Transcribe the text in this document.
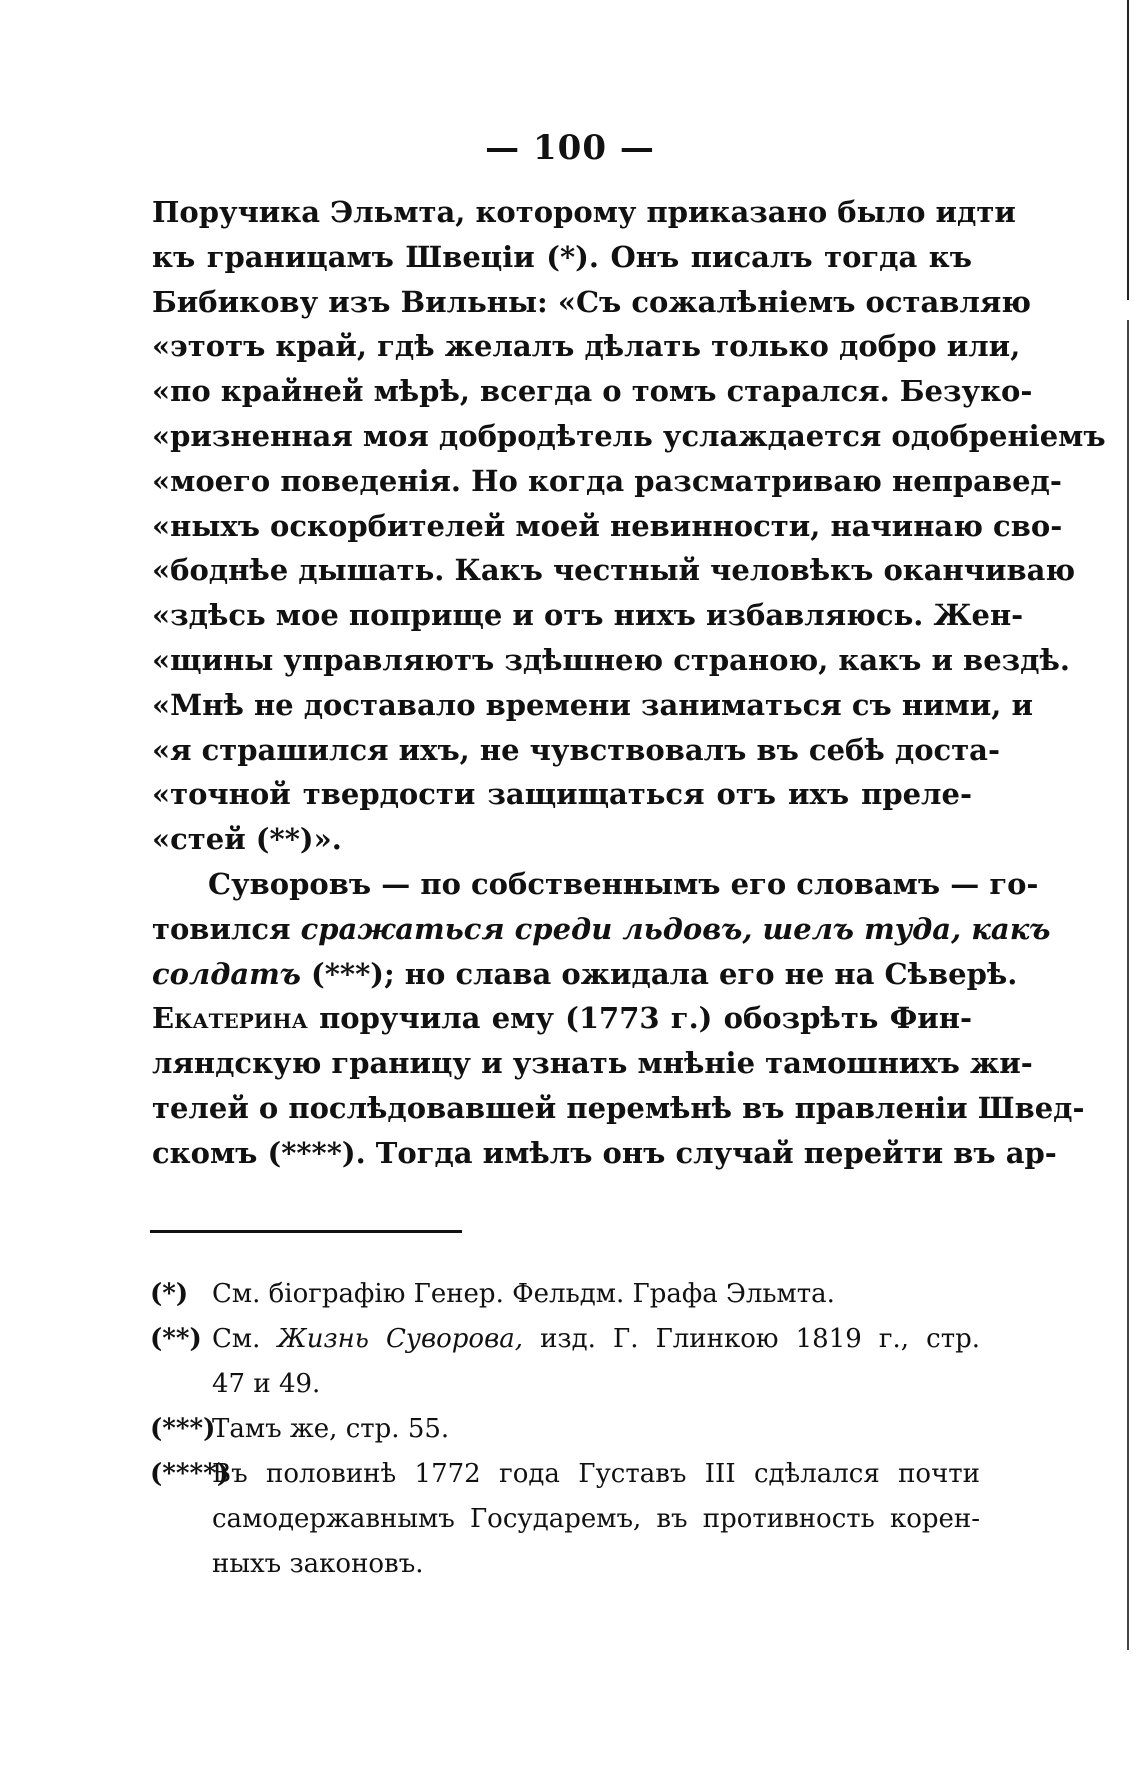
— 100 —
Поручика Эльмта, которому приказано было идти
къ границамъ Швецiи (*). Онъ писалъ тогда къ
Бибикову изъ Вильны: «Съ сожалѣнiемъ оставляю
«этотъ край, гдѣ желалъ дѣлать только добро или,
«по крайней мѣрѣ, всегда о томъ старался. Безуко-
«ризненная моя добродѣтель услаждается одобренiемъ
«моего поведенiя. Но когда разсматриваю неправед-
«ныхъ оскорбителей моей невинности, начинаю сво-
«боднѣе дышать. Какъ честный человѣкъ оканчиваю
«здѣсь мое поприще и отъ нихъ избавляюсь. Жен-
«щины управляютъ здѣшнею страною, какъ и вездѣ.
«Мнѣ не доставало времени заниматься съ ними, и
«я страшился ихъ, не чувствовалъ въ себѣ доста-
«точной твердости защищаться отъ ихъ преле-
«стей (**)».
Суворовъ — по собственнымъ его словамъ — го-
товился сражаться среди льдовъ, шелъ туда, какъ
солдатъ (***); но слава ожидала его не на Сѣверѣ.
Екатерина поручила ему (1773 г.) обозрѣть Фин-
ляндскую границу и узнать мнѣнiе тамошнихъ жи-
телей о послѣдовавшей перемѣнѣ въ правленiи Швед-
скомъ (****). Тогда имѣлъ онъ случай перейти въ ар-
(*) См. бiографiю Генер. Фельдм. Графа Эльмта.
(**) См. Жизнь Суворова, изд. Г. Глинкою 1819 г., стр.
47 и 49.
(***)
Тамъ же, стр. 55.
(****)
Въ половинѣ 1772 года Густавъ III сдѣлался почти
самодержавнымъ Государемъ, въ противность корен-
ныхъ законовъ.
